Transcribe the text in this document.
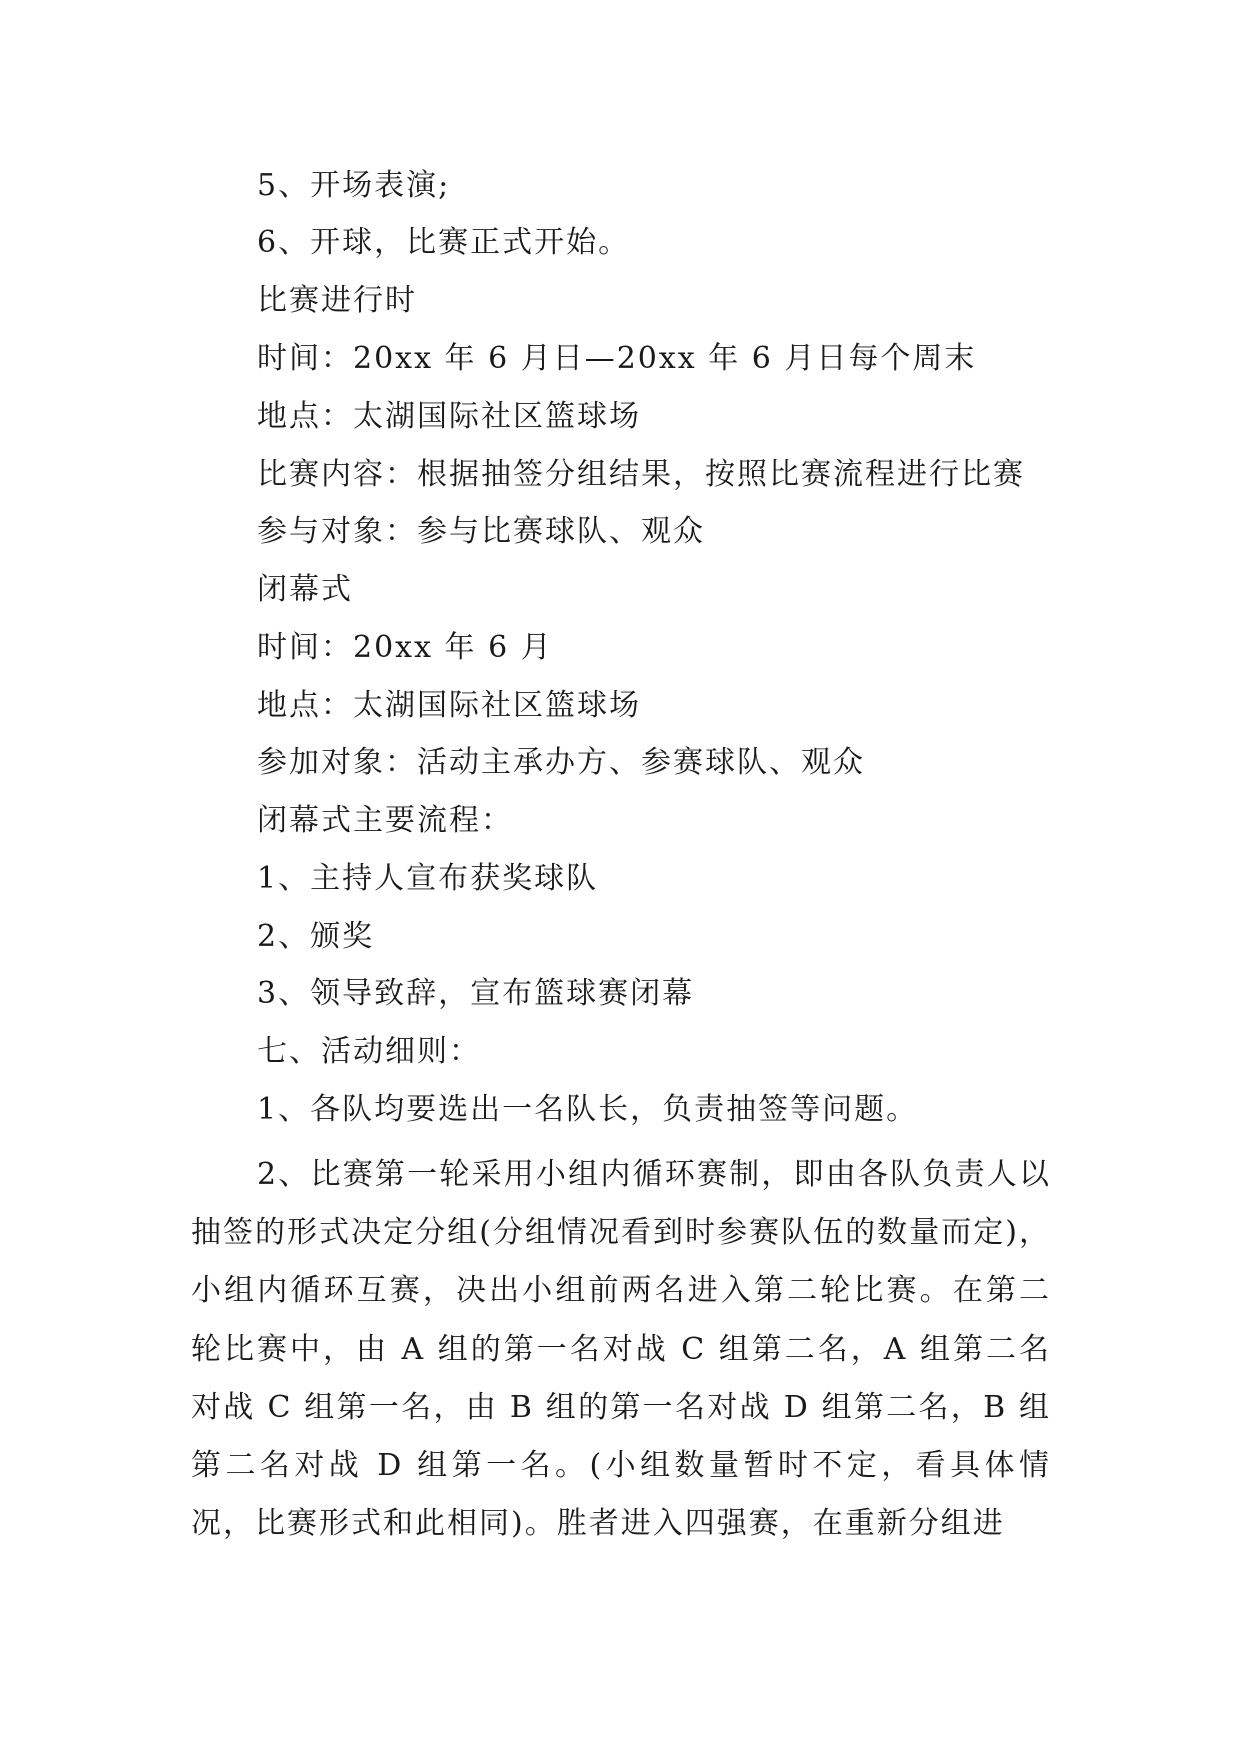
5、开场表演;
6、开球，比赛正式开始。
比赛进行时
时间：20xx 年 6 月日—20xx 年 6 月日每个周末
地点：太湖国际社区篮球场
比赛内容：根据抽签分组结果，按照比赛流程进行比赛
参与对象：参与比赛球队、观众
闭幕式
时间：20xx 年 6 月
地点：太湖国际社区篮球场
参加对象：活动主承办方、参赛球队、观众
闭幕式主要流程：
1、主持人宣布获奖球队
2、颁奖
3、领导致辞，宣布篮球赛闭幕
七、活动细则：
1、各队均要选出一名队长，负责抽签等问题。
2、比赛第一轮采用小组内循环赛制，即由各队负责人以抽签的形式决定分组(分组情况看到时参赛队伍的数量而定)，小组内循环互赛，决出小组前两名进入第二轮比赛。在第二轮比赛中，由 A 组的第一名对战 C 组第二名，A 组第二名对战 C 组第一名，由 B 组的第一名对战 D 组第二名，B 组第二名对战 D 组第一名。(小组数量暂时不定，看具体情况，比赛形式和此相同)。胜者进入四强赛，在重新分组进
